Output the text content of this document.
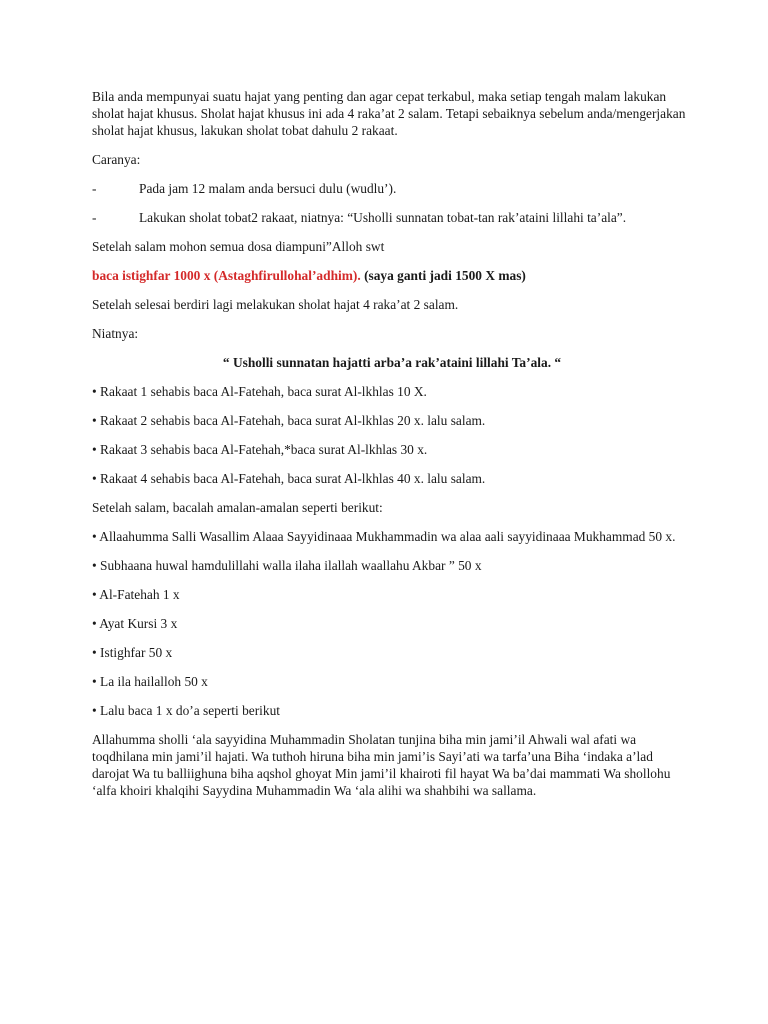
Bila anda mempunyai suatu hajat yang penting dan agar cepat terkabul, maka setiap tengah malam lakukan sholat hajat khusus. Sholat hajat khusus ini ada 4 raka’at 2 salam. Tetapi sebaiknya sebelum anda/mengerjakan sholat hajat khusus, lakukan sholat tobat dahulu 2 rakaat.

Caranya:

-	Pada jam 12 malam anda bersuci dulu (wudlu’).
-	Lakukan sholat tobat2 rakaat, niatnya: “Usholli sunnatan tobat-tan rak’ataini lillahi ta’ala”.

Setelah salam mohon semua dosa diampuni”Alloh swt

baca istighfar 1000 x (Astaghfirullohal’adhim). (saya ganti jadi 1500 X mas)

Setelah selesai berdiri lagi melakukan sholat hajat 4 raka’at 2 salam.

Niatnya:

“ Usholli sunnatan hajatti arba’a rak’ataini lillahi Ta’ala. “

• Rakaat 1 sehabis baca Al-Fatehah, baca surat Al-lkhlas 10 X.

• Rakaat 2 sehabis baca Al-Fatehah, baca surat Al-lkhlas 20 x. lalu salam.

• Rakaat 3 sehabis baca Al-Fatehah,*baca surat Al-lkhlas 30 x.

• Rakaat 4 sehabis baca Al-Fatehah, baca surat Al-lkhlas 40 x. lalu salam.

Setelah salam, bacalah amalan-amalan seperti berikut:

• Allaahumma Salli Wasallim Alaaa Sayyidinaaa Mukhammadin wa alaa aali sayyidinaaa Mukhammad 50 x.

• Subhaana huwal hamdulillahi walla ilaha ilallah waallahu Akbar ” 50 x

• Al-Fatehah 1 x

• Ayat Kursi 3 x

• Istighfar 50 x

• La ila hailalloh 50 x

• Lalu baca 1 x do’a seperti berikut

Allahumma sholli ‘ala sayyidina Muhammadin Sholatan tunjina biha min jami’il Ahwali wal afati wa toqdhilana min jami’il hajati. Wa tuthoh hiruna biha min jami’is Sayi’ati wa tarfa’una Biha ‘indaka a’lad darojat Wa tu balliighuna biha aqshol ghoyat Min jami’il khairoti fil hayat Wa ba’dai mammati Wa shollohu ‘alfa khoiri khalqihi Sayydina Muhammadin Wa ‘ala alihi wa shahbihi wa sallama.
